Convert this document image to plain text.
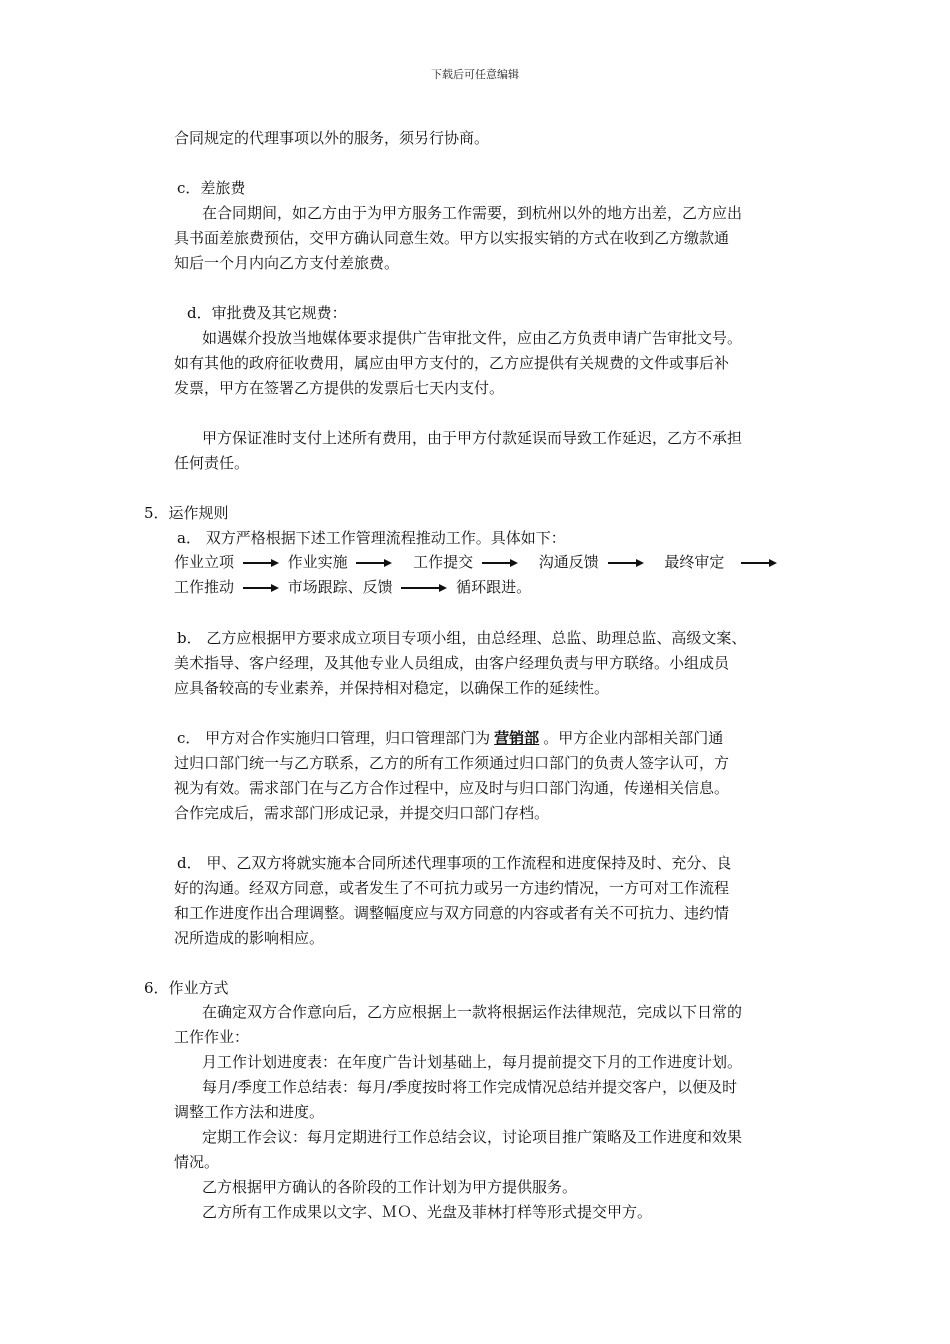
下载后可任意编辑
合同规定的代理事项以外的服务，须另行协商。
c．差旅费
在合同期间，如乙方由于为甲方服务工作需要，到杭州以外的地方出差，乙方应出
具书面差旅费预估，交甲方确认同意生效。甲方以实报实销的方式在收到乙方缴款通
知后一个月内向乙方支付差旅费。
d．审批费及其它规费：
如遇媒介投放当地媒体要求提供广告审批文件，应由乙方负责申请广告审批文号。
如有其他的政府征收费用，属应由甲方支付的，乙方应提供有关规费的文件或事后补
发票，甲方在签署乙方提供的发票后七天内支付。
甲方保证准时支付上述所有费用，由于甲方付款延误而导致工作延迟，乙方不承担
任何责任。
5．运作规则
a． 双方严格根据下述工作管理流程推动工作。具体如下：
作业立项	作业实施	工作提交	沟通反馈	最终审定
工作推动	市场跟踪、反馈	循环跟进。
b． 乙方应根据甲方要求成立项目专项小组，由总经理、总监、助理总监、高级文案、
美术指导、客户经理，及其他专业人员组成，由客户经理负责与甲方联络。小组成员
应具备较高的专业素养，并保持相对稳定，以确保工作的延续性。
c． 甲方对合作实施归口管理，归口管理部门为 营销部 。甲方企业内部相关部门通
过归口部门统一与乙方联系，乙方的所有工作须通过归口部门的负责人签字认可，方
视为有效。需求部门在与乙方合作过程中，应及时与归口部门沟通，传递相关信息。
合作完成后，需求部门形成记录，并提交归口部门存档。
d． 甲、乙双方将就实施本合同所述代理事项的工作流程和进度保持及时、充分、良
好的沟通。经双方同意，或者发生了不可抗力或另一方违约情况，一方可对工作流程
和工作进度作出合理调整。调整幅度应与双方同意的内容或者有关不可抗力、违约情
况所造成的影响相应。
6．作业方式
在确定双方合作意向后，乙方应根据上一款将根据运作法律规范，完成以下日常的
工作作业：
月工作计划进度表：在年度广告计划基础上，每月提前提交下月的工作进度计划。
每月/季度工作总结表：每月/季度按时将工作完成情况总结并提交客户，以便及时
调整工作方法和进度。
定期工作会议：每月定期进行工作总结会议，讨论项目推广策略及工作进度和效果
情况。
乙方根据甲方确认的各阶段的工作计划为甲方提供服务。
乙方所有工作成果以文字、ＭＯ、光盘及菲林打样等形式提交甲方。
